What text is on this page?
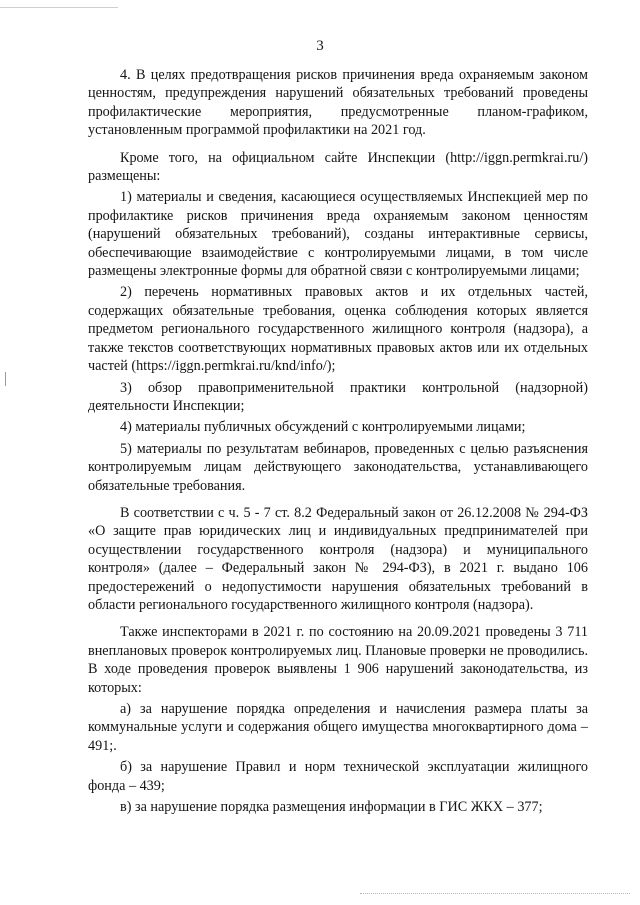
3

4. В целях предотвращения рисков причинения вреда охраняемым законом ценностям, предупреждения нарушений обязательных требований проведены профилактические мероприятия, предусмотренные планом-графиком, установленным программой профилактики на 2021 год.

Кроме того, на официальном сайте Инспекции (http://iggn.permkrai.ru/) размещены:

1) материалы и сведения, касающиеся осуществляемых Инспекцией мер по профилактике рисков причинения вреда охраняемым законом ценностям (нарушений обязательных требований), созданы интерактивные сервисы, обеспечивающие взаимодействие с контролируемыми лицами, в том числе размещены электронные формы для обратной связи с контролируемыми лицами;

2) перечень нормативных правовых актов и их отдельных частей, содержащих обязательные требования, оценка соблюдения которых является предметом регионального государственного жилищного контроля (надзора), а также текстов соответствующих нормативных правовых актов или их отдельных частей (https://iggn.permkrai.ru/knd/info/);

3) обзор правоприменительной практики контрольной (надзорной) деятельности Инспекции;

4) материалы публичных обсуждений с контролируемыми лицами;

5) материалы по результатам вебинаров, проведенных с целью разъяснения контролируемым лицам действующего законодательства, устанавливающего обязательные требования.

В соответствии с ч. 5 - 7 ст. 8.2 Федеральный закон от 26.12.2008 № 294-ФЗ «О защите прав юридических лиц и индивидуальных предпринимателей при осуществлении государственного контроля (надзора) и муниципального контроля» (далее – Федеральный закон № 294-ФЗ), в 2021 г. выдано 106 предостережений о недопустимости нарушения обязательных требований в области регионального государственного жилищного контроля (надзора).

Также инспекторами в 2021 г. по состоянию на 20.09.2021 проведены 3 711 внеплановых проверок контролируемых лиц. Плановые проверки не проводились. В ходе проведения проверок выявлены 1 906 нарушений законодательства, из которых:

а) за нарушение порядка определения и начисления размера платы за коммунальные услуги и содержания общего имущества многоквартирного дома – 491;.

б) за нарушение Правил и норм технической эксплуатации жилищного фонда – 439;

в) за нарушение порядка размещения информации в ГИС ЖКХ – 377;
